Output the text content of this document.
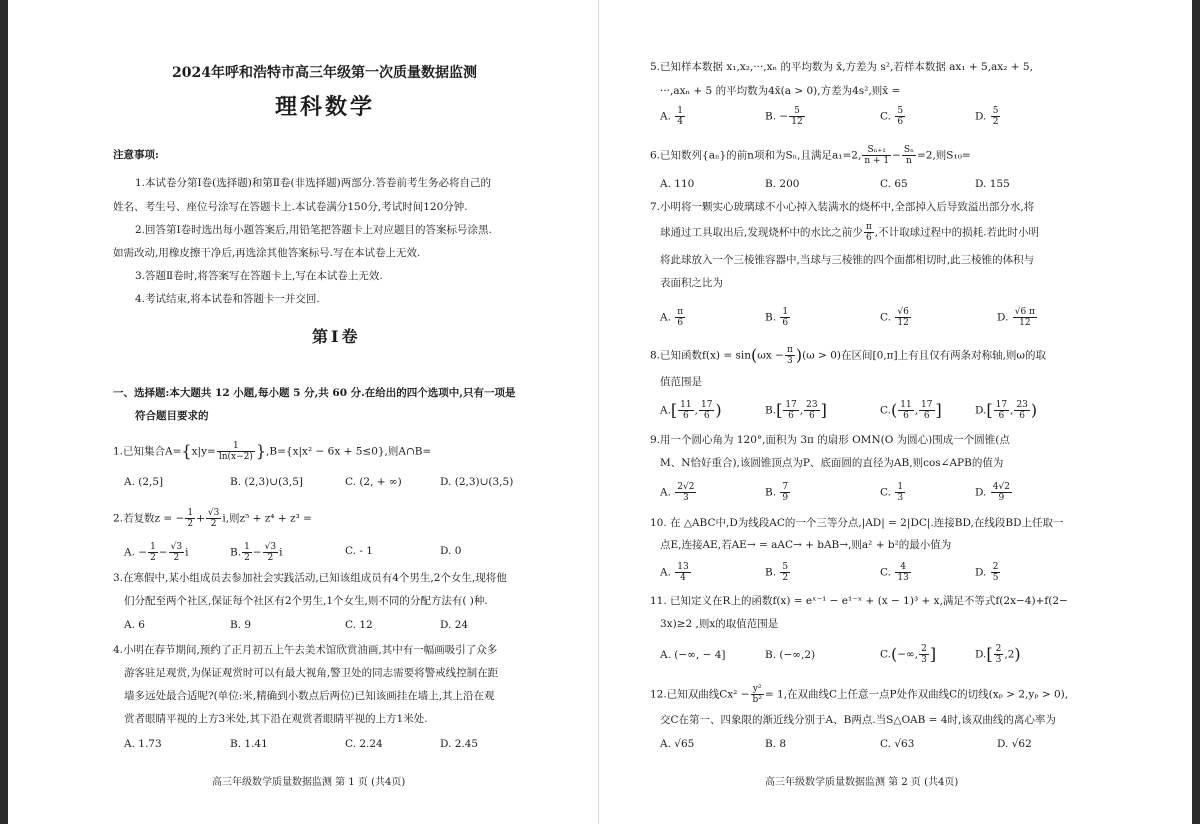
2024年呼和浩特市高三年级第一次质量数据监测
理科数学
注意事项:
1.本试卷分第Ⅰ卷(选择题)和第Ⅱ卷(非选择题)两部分.答卷前考生务必将自己的
姓名、考生号、座位号涂写在答题卡上.本试卷满分150分,考试时间120分钟.
2.回答第Ⅰ卷时选出每小题答案后,用铅笔把答题卡上对应题目的答案标号涂黑.
如需改动,用橡皮擦干净后,再选涂其他答案标号.写在本试卷上无效.
3.答题Ⅱ卷时,将答案写在答题卡上,写在本试卷上无效.
4.考试结束,将本试卷和答题卡一并交回.
第Ⅰ卷
一、选择题:本大题共 12 小题,每小题 5 分,共 60 分.在给出的四个选项中,只有一项是
符合题目要求的
1.已知集合$A=\{x|y= \frac{1}{\ln(x-2)} \},B=\{x|x^2 - 6x + 5\le 0\}$,则A∩B=
A. (2,5]	B. (2,3)∪(3,5]	C. (2, + ∞)	D. (2,3)∪(3,5)
2.若复数z = − $\frac{1}{2} + \frac{√3}{2} i$,则z⁵ + z⁴ + z³ =
A. − $\frac{1}{2} - \frac{√3}{2}$ i	B. $\frac{1}{2} - \frac{√3}{2}$ i	C. - 1	D. 0
3.在寒假中,某小组成员去参加社会实践活动,已知该组成员有4个男生,2个女生,现将他
们分配至两个社区,保证每个社区有2个男生,1个女生,则不同的分配方法有( )种.
A. 6	B. 9	C. 12	D. 24
4.小明在春节期间,预约了正月初五上午去美术馆欣赏油画,其中有一幅画吸引了众多
游客驻足观赏,为保证观赏时可以有最大视角,警卫处的同志需要将警戒线控制在距
墙多远处最合适呢?(单位:米,精确到小数点后两位)已知该画挂在墙上,其上沿在观
赏者眼睛平视的上方3米处,其下沿在观赏者眼睛平视的上方1米处.
A. 1.73	B. 1.41	C. 2.24	D. 2.45
高三年级数学质量数据监测 第 1 页 (共4页)
5.已知样本数据 x₁,x₂,···,xₙ 的平均数为 x̄,方差为 s²,若样本数据 ax₁ + 5,ax₂ + 5,
···,axₙ + 5 的平均数为4x̄(a > 0),方差为4s²,则x̄ =
A. $\frac{1}{4}$	B. − $\frac{5}{12}$	C. $\frac{5}{6}$	D. $\frac{5}{2}$
6.已知数列{aₙ}的前n项和为Sₙ,且满足a₁=2, $\frac{\text{Sₙ₊₁}}{n + 1} - \frac{\text{Sₙ}}{n} =2$,则S₁₀=
A. 110	B. 200	C. 65	D. 155
7.小明将一颗实心玻璃球不小心掉入装满水的烧杯中,全部掉入后导致溢出部分水,将
球通过工具取出后,发现烧杯中的水比之前少 $\frac{\pi}{6}$ ,不计取球过程中的损耗.若此时小明
将此球放入一个三棱锥容器中,当球与三棱锥的四个面都相切时,此三棱锥的体积与
表面积之比为
A. $\frac{\pi}{6}$	B. $\frac{1}{6}$	C. $\frac{√6}{12}$	D. $\frac{√6 \pi}{12}$
8.已知函数$f(x) = \sin(\omega x - \frac{\pi}{3} )(\omega > 0)$在区间[0,π]上有且仅有两条对称轴,则ω的取
值范围是
$A.[ \frac{11}{6}$ , $\frac{17}{6}$ )	$B.[ \frac{17}{6}$ , $\frac{23}{6}$ ]	$C.( \frac{11}{6}$ , $\frac{17}{6}$ ]	$D.[ \frac{17}{6}$ , $\frac{23}{6}$ )
9.用一个圆心角为 120°,面积为 3π 的扇形 OMN(O 为圆心)围成一个圆锥(点
M、N恰好重合),该圆锥顶点为P、底面圆的直径为AB,则cos∠APB的值为
A. $\frac{2√2}{3}$	B. $\frac{7}{9}$	C. $\frac{1}{3}$	D. $\frac{4√2}{9}$
10. 在 △ABC中,D为线段AC的一个三等分点,|AD| = 2|DC|.连接BD,在线段BD上任取一
点E,连接AE,若AE→ = aAC→ + bAB→,则a² + b²的最小值为
A. $\frac{13}{4}$	B. $\frac{5}{2}$	C. $\frac{4}{13}$	D. $\frac{2}{5}$
11. 已知定义在R上的函数f(x) = eˣ⁻¹ − e¹⁻ˣ + (x − 1)³ + x,满足不等式f(2x−4)+f(2−
3x)≥2 ,则x的取值范围是
A. (−∞, − 4]	B. (−∞,2)	C.(−∞, $\frac{2}{3}$ ]	$D.[ \frac{2}{3} ,2)$
12.已知双曲线$Cx^2 - \frac{\text{y²}}{\text{b²}} = 1$,在双曲线C上任意一点P处作双曲线C的切线(xₚ > 2,yₚ > 0),
交C在第一、四象限的渐近线分别于A、B两点.当S△OAB = 4时,该双曲线的离心率为
A. √65	B. 8	C. √63	D. √62
高三年级数学质量数据监测 第 2 页 (共4页)
